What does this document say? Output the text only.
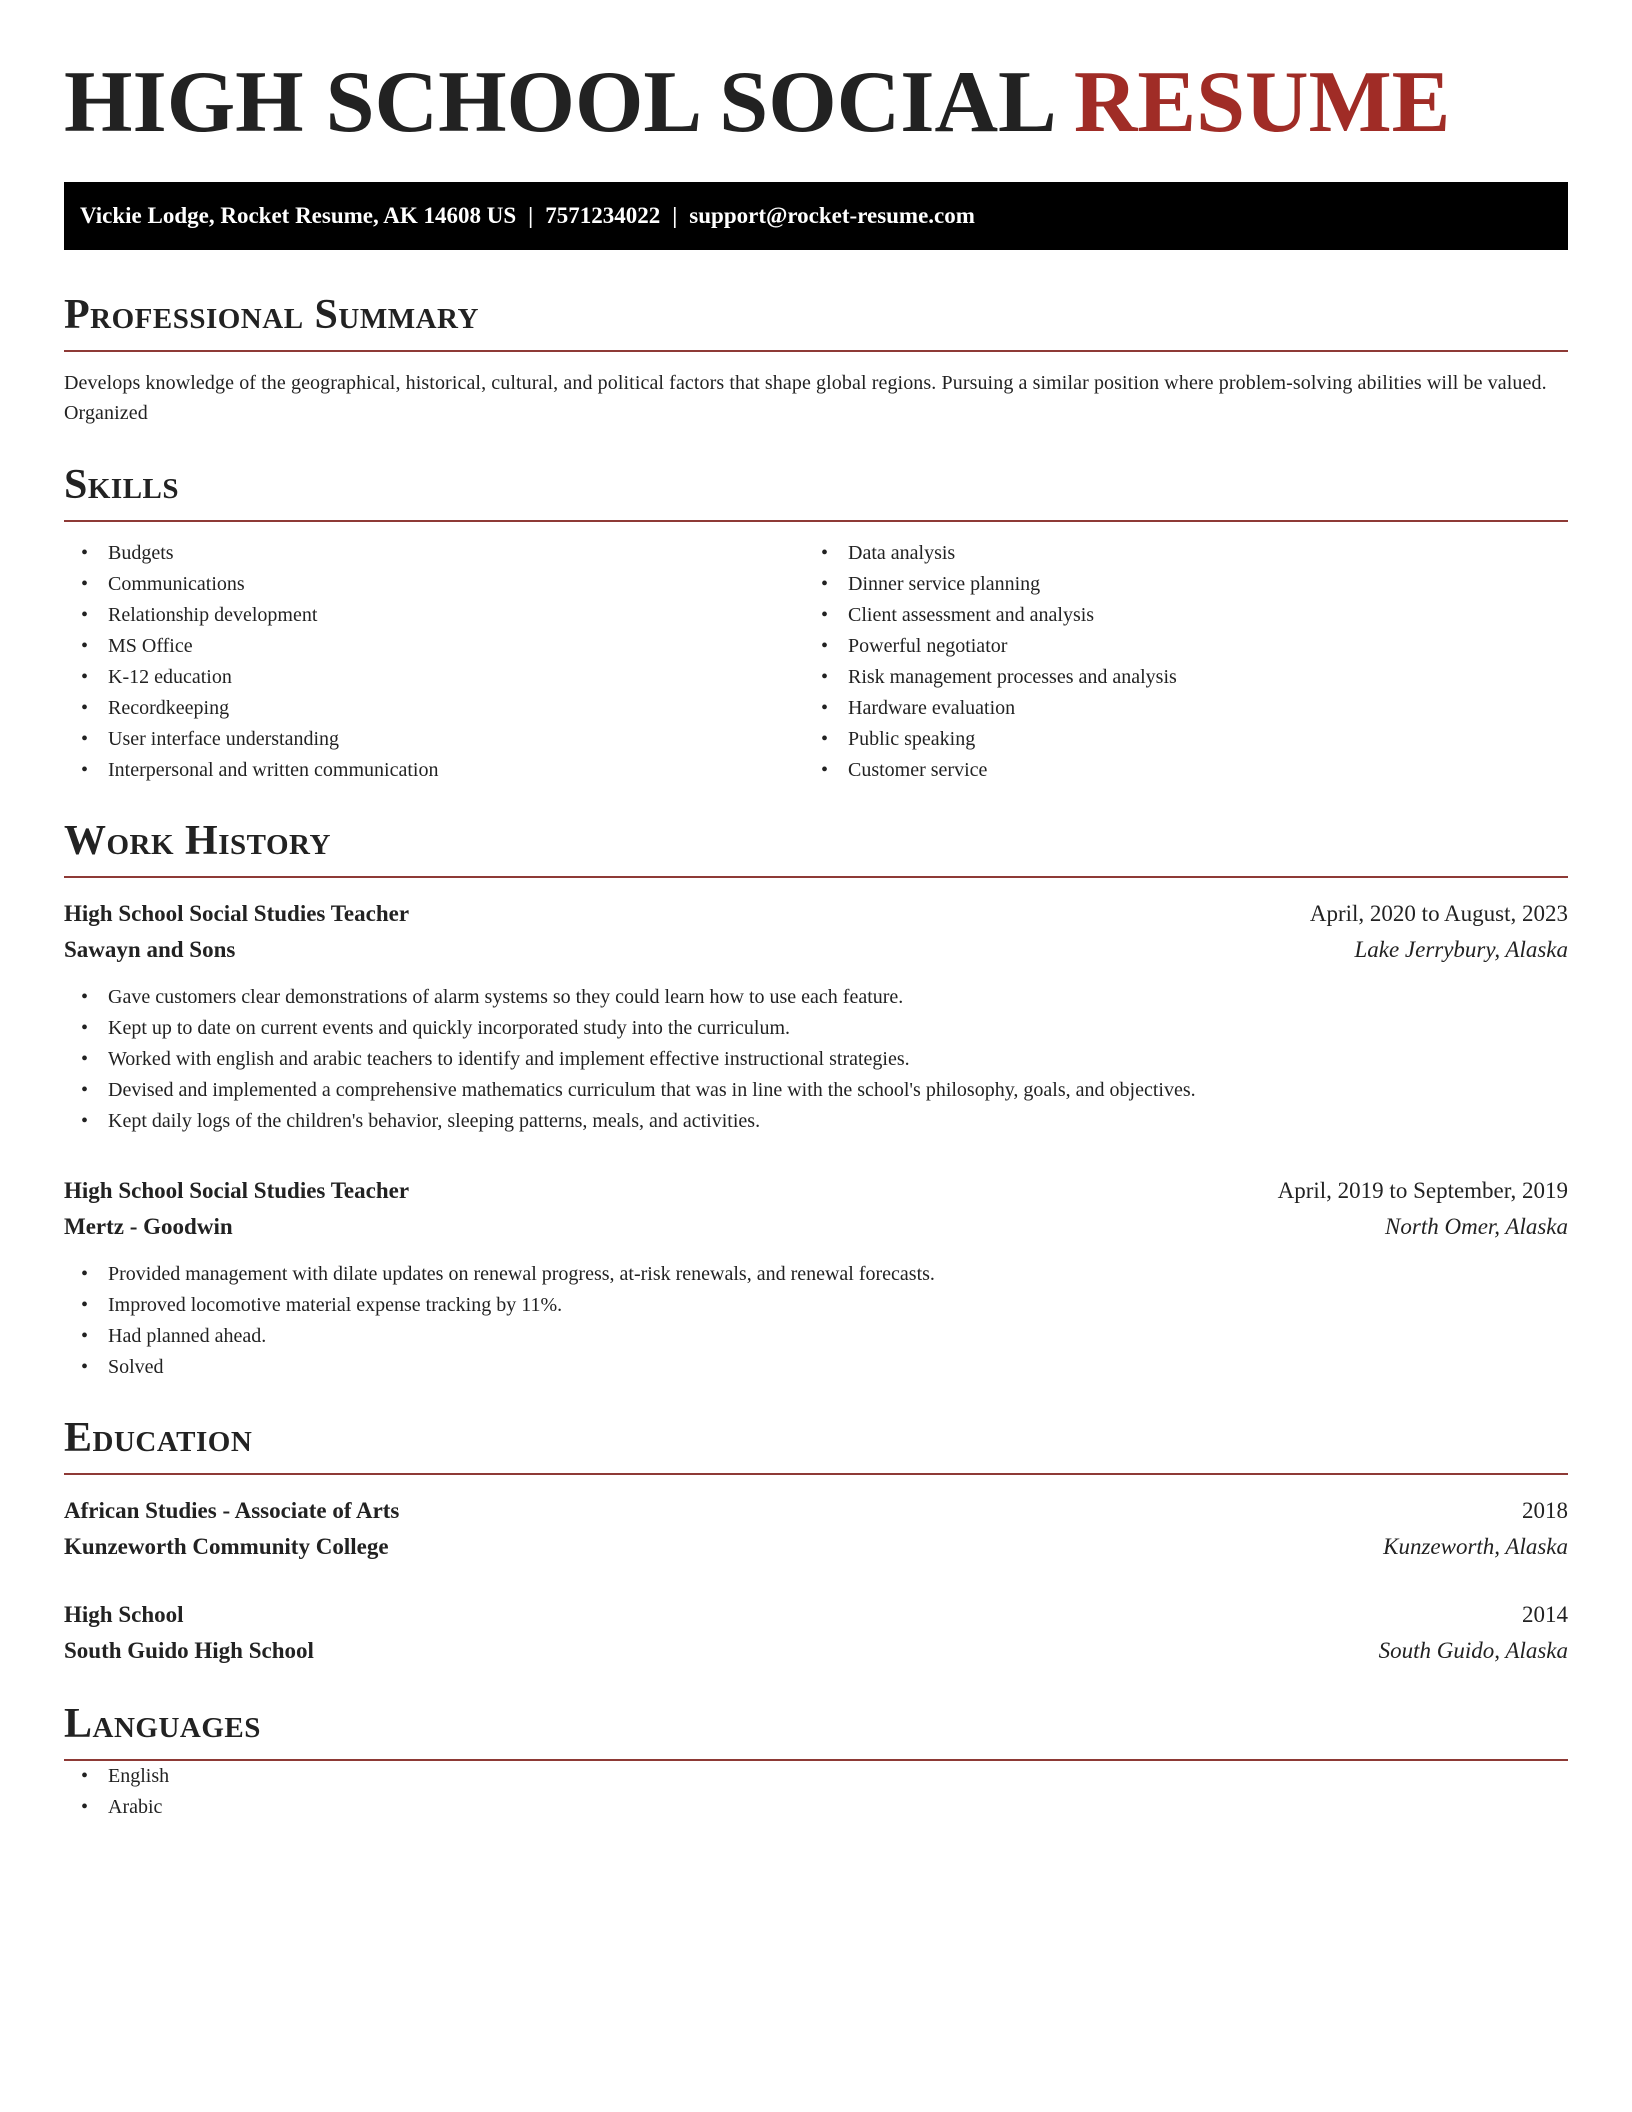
HIGH SCHOOL SOCIAL RESUME
Vickie Lodge, Rocket Resume, AK 14608 US | 7571234022 | support@rocket-resume.com
Professional Summary
Develops knowledge of the geographical, historical, cultural, and political factors that shape global regions. Pursuing a similar position where problem-solving abilities will be valued. Organized
Skills
• Budgets
• Communications
• Relationship development
• MS Office
• K-12 education
• Recordkeeping
• User interface understanding
• Interpersonal and written communication
• Data analysis
• Dinner service planning
• Client assessment and analysis
• Powerful negotiator
• Risk management processes and analysis
• Hardware evaluation
• Public speaking
• Customer service
Work History
High School Social Studies Teacher	April, 2020 to August, 2023
Sawayn and Sons	Lake Jerrybury, Alaska
• Gave customers clear demonstrations of alarm systems so they could learn how to use each feature.
• Kept up to date on current events and quickly incorporated study into the curriculum.
• Worked with english and arabic teachers to identify and implement effective instructional strategies.
• Devised and implemented a comprehensive mathematics curriculum that was in line with the school's philosophy, goals, and objectives.
• Kept daily logs of the children's behavior, sleeping patterns, meals, and activities.
High School Social Studies Teacher	April, 2019 to September, 2019
Mertz - Goodwin	North Omer, Alaska
• Provided management with dilate updates on renewal progress, at-risk renewals, and renewal forecasts.
• Improved locomotive material expense tracking by 11%.
• Had planned ahead.
• Solved
Education
African Studies - Associate of Arts	2018
Kunzeworth Community College	Kunzeworth, Alaska
High School	2014
South Guido High School	South Guido, Alaska
Languages
• English
• Arabic
